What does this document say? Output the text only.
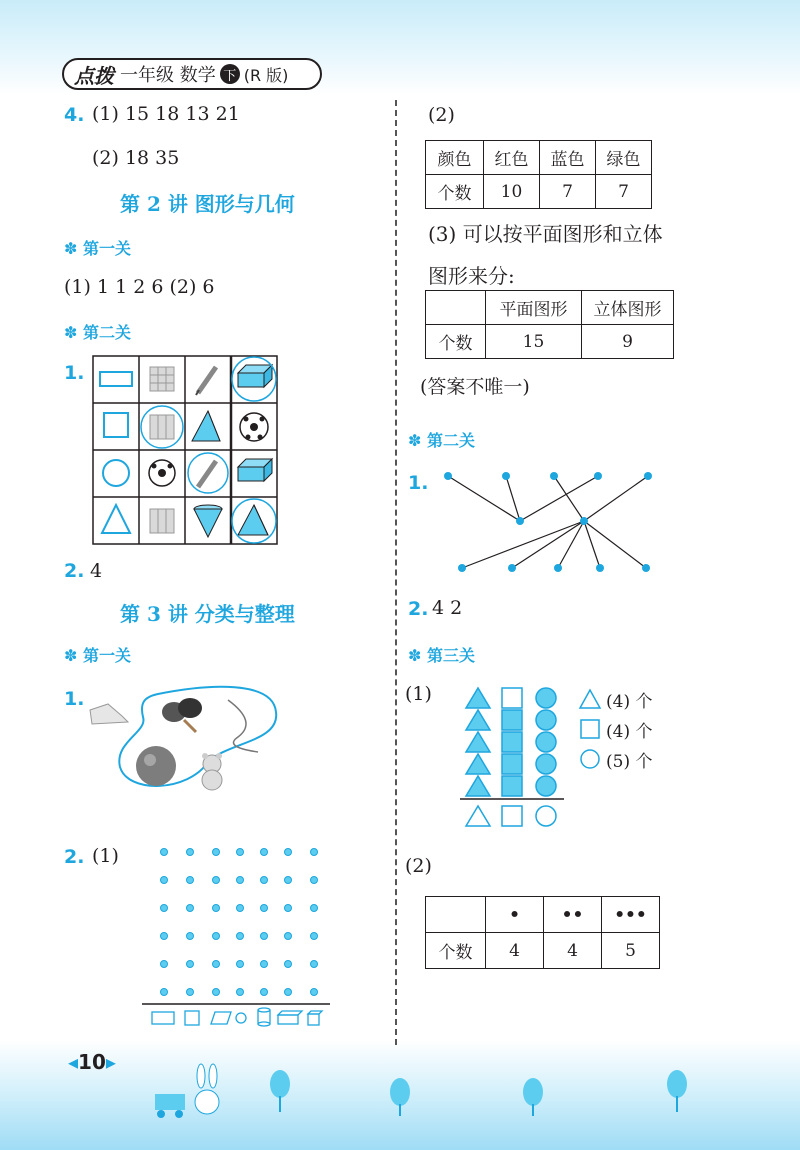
点拨 一年级 数学 下 (R 版)
4. (1) 15 18 13 21
(2) 18 35
第 2 讲 图形与几何
✽ 第一关
(1) 1 1 2 6 (2) 6
✽ 第二关
1.
2. 4
第 3 讲 分类与整理
✽ 第一关
1.
2. (1)
◂10▸
(2)
颜色	红色	蓝色	绿色
个数	10	7	7
(3) 可以按平面图形和立体
图形来分:
	平面图形	立体图形
个数	15	9
(答案不唯一)
✽ 第二关
1.
2. 4 2
✽ 第三关
(1)	(4) 个
(4) 个
(5) 个
(2)
	•	••	•••
个数	4	4	5
